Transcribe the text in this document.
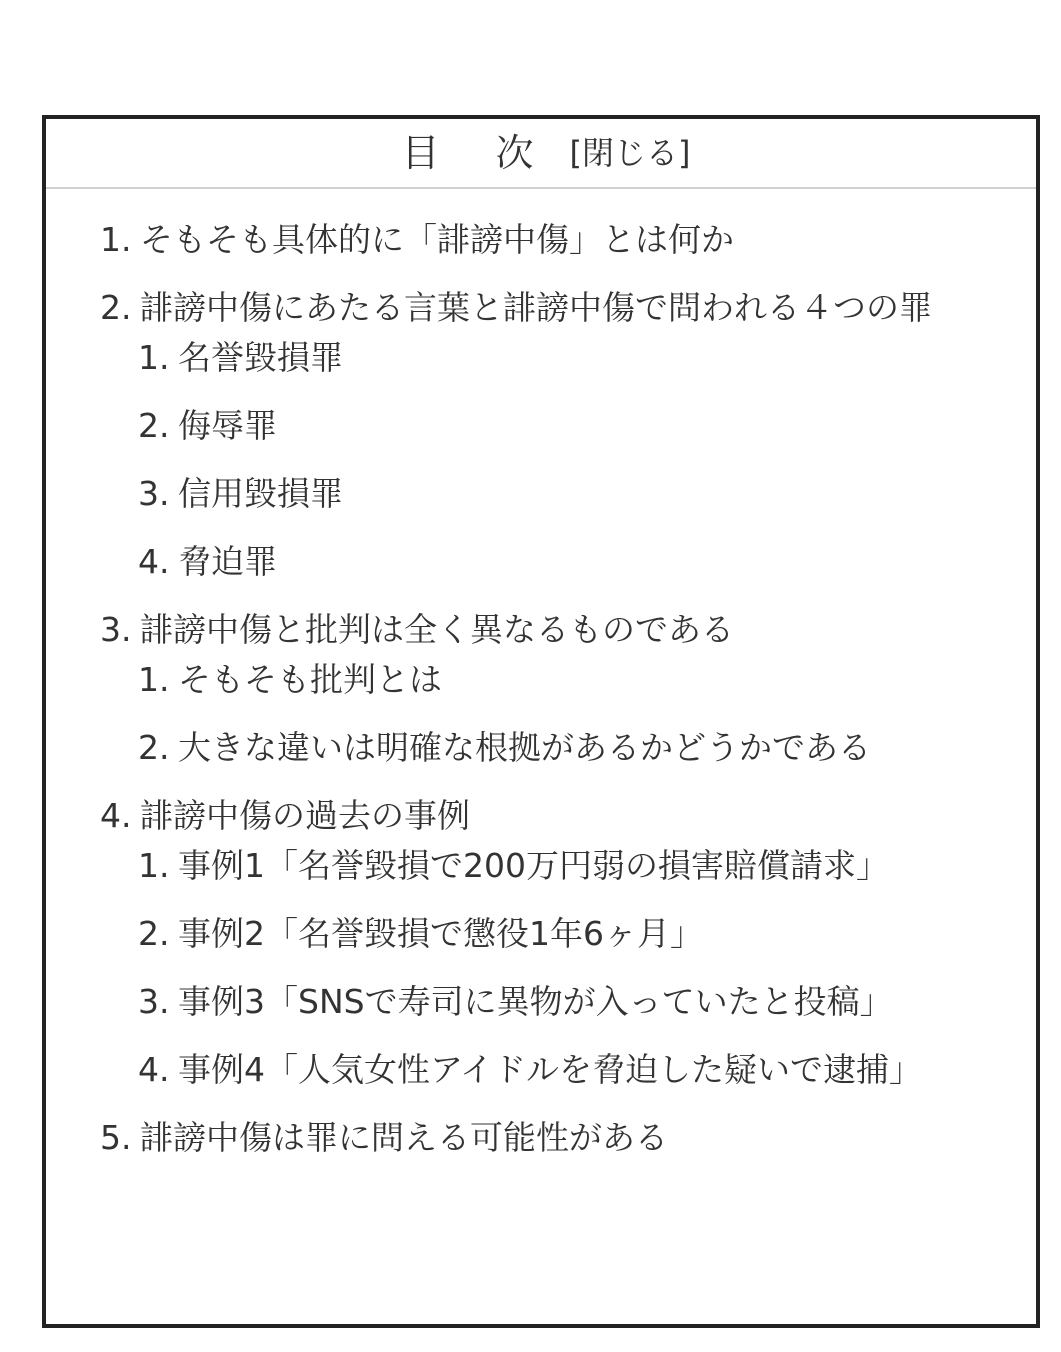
目 次 [閉じる]
1. そもそも具体的に「誹謗中傷」とは何か
2. 誹謗中傷にあたる言葉と誹謗中傷で問われる４つの罪
1. 名誉毀損罪
2. 侮辱罪
3. 信用毀損罪
4. 脅迫罪
3. 誹謗中傷と批判は全く異なるものである
1. そもそも批判とは
2. 大きな違いは明確な根拠があるかどうかである
4. 誹謗中傷の過去の事例
1. 事例1「名誉毀損で200万円弱の損害賠償請求」
2. 事例2「名誉毀損で懲役1年6ヶ月」
3. 事例3「SNSで寿司に異物が入っていたと投稿」
4. 事例4「人気女性アイドルを脅迫した疑いで逮捕」
5. 誹謗中傷は罪に問える可能性がある
